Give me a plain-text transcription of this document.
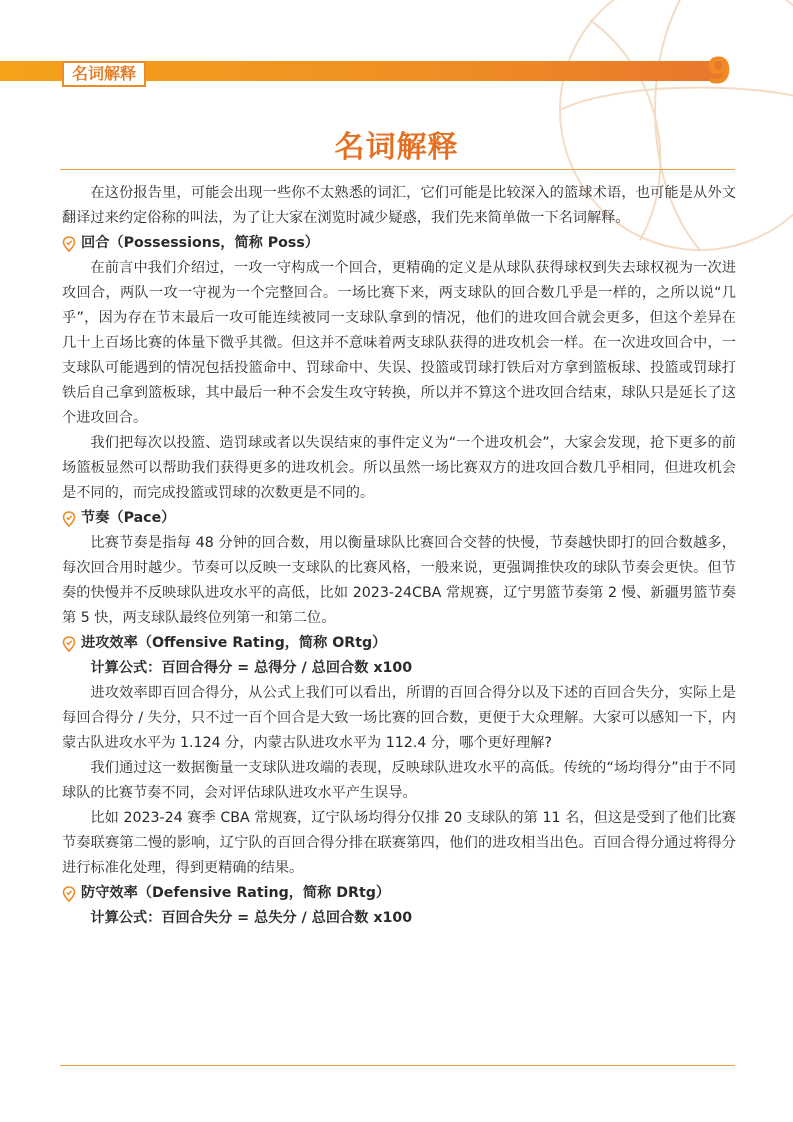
名词解释	9
名词解释

在这份报告里，可能会出现一些你不太熟悉的词汇，它们可能是比较深入的篮球术语，也可能是从外文翻译过来约定俗称的叫法，为了让大家在浏览时减少疑惑，我们先来简单做一下名词解释。

回合（Possessions，简称 Poss）

在前言中我们介绍过，一攻一守构成一个回合，更精确的定义是从球队获得球权到失去球权视为一次进攻回合，两队一攻一守视为一个完整回合。一场比赛下来，两支球队的回合数几乎是一样的，之所以说“几乎”，因为存在节末最后一攻可能连续被同一支球队拿到的情况，他们的进攻回合就会更多，但这个差异在几十上百场比赛的体量下微乎其微。但这并不意味着两支球队获得的进攻机会一样。在一次进攻回合中，一支球队可能遇到的情况包括投篮命中、罚球命中、失误、投篮或罚球打铁后对方拿到篮板球、投篮或罚球打铁后自己拿到篮板球，其中最后一种不会发生攻守转换，所以并不算这个进攻回合结束，球队只是延长了这个进攻回合。

我们把每次以投篮、造罚球或者以失误结束的事件定义为“一个进攻机会”，大家会发现，抢下更多的前场篮板显然可以帮助我们获得更多的进攻机会。所以虽然一场比赛双方的进攻回合数几乎相同，但进攻机会是不同的，而完成投篮或罚球的次数更是不同的。

节奏（Pace）

比赛节奏是指每 48 分钟的回合数，用以衡量球队比赛回合交替的快慢，节奏越快即打的回合数越多，每次回合用时越少。节奏可以反映一支球队的比赛风格，一般来说，更强调推快攻的球队节奏会更快。但节奏的快慢并不反映球队进攻水平的高低，比如 2023-24CBA 常规赛，辽宁男篮节奏第 2 慢、新疆男篮节奏第 5 快，两支球队最终位列第一和第二位。

进攻效率（Offensive Rating，简称 ORtg）

计算公式：百回合得分 = 总得分 / 总回合数 x100

进攻效率即百回合得分，从公式上我们可以看出，所谓的百回合得分以及下述的百回合失分，实际上是每回合得分 / 失分，只不过一百个回合是大致一场比赛的回合数，更便于大众理解。大家可以感知一下，内蒙古队进攻水平为 1.124 分，内蒙古队进攻水平为 112.4 分，哪个更好理解?

我们通过这一数据衡量一支球队进攻端的表现，反映球队进攻水平的高低。传统的“场均得分”由于不同球队的比赛节奏不同，会对评估球队进攻水平产生误导。

比如 2023-24 赛季 CBA 常规赛，辽宁队场均得分仅排 20 支球队的第 11 名，但这是受到了他们比赛节奏联赛第二慢的影响，辽宁队的百回合得分排在联赛第四，他们的进攻相当出色。百回合得分通过将得分进行标准化处理，得到更精确的结果。

防守效率（Defensive Rating，简称 DRtg）

计算公式：百回合失分 = 总失分 / 总回合数 x100
